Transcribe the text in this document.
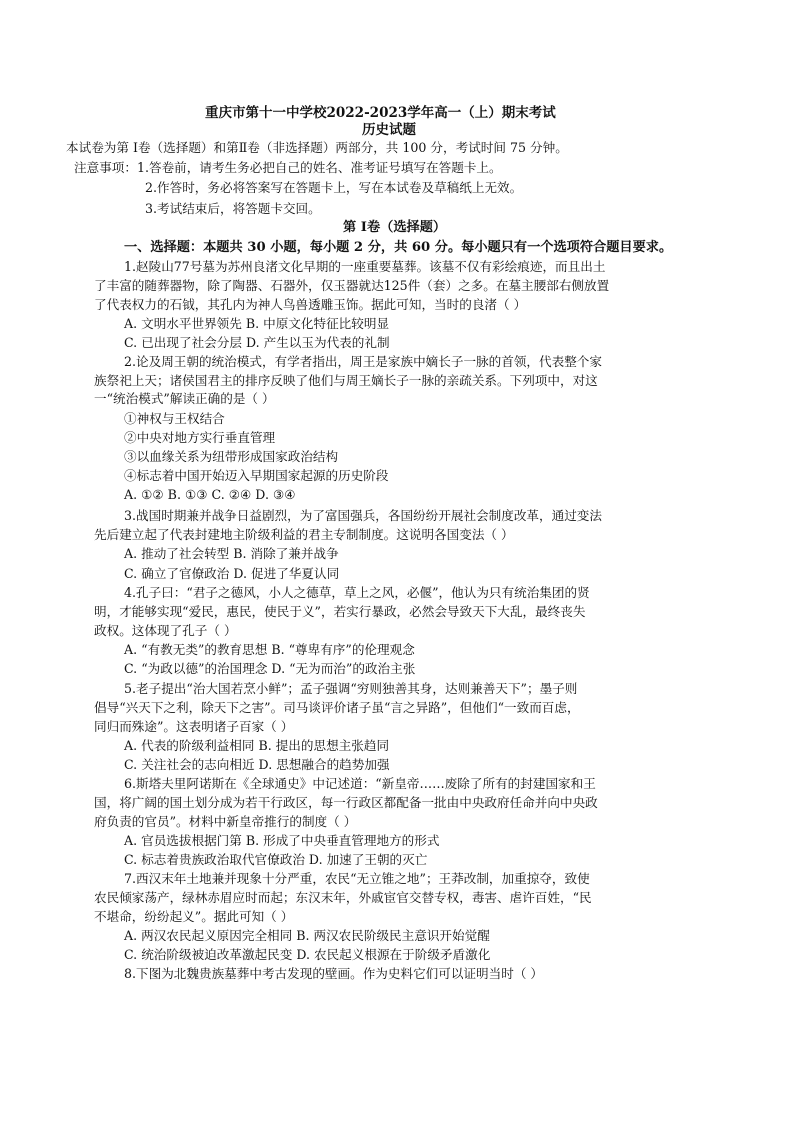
重庆市第十一中学校2022-2023学年高一（上）期末考试
历史试题
本试卷为第 Ⅰ卷（选择题）和第Ⅱ卷（非选择题）两部分，共 100 分，考试时间 75 分钟。
注意事项：1.答卷前，请考生务必把自己的姓名、准考证号填写在答题卡上。
2.作答时，务必将答案写在答题卡上，写在本试卷及草稿纸上无效。
3.考试结束后，将答题卡交回。
第 Ⅰ卷（选择题）
一、选择题：本题共 30 小题，每小题 2 分，共 60 分。每小题只有一个选项符合题目要求。
1.赵陵山77号墓为苏州良渚文化早期的一座重要墓葬。该墓不仅有彩绘痕迹，而且出土
了丰富的随葬器物，除了陶器、石器外，仅玉器就达125件（套）之多。在墓主腰部右侧放置
了代表权力的石钺，其孔内为神人鸟兽透雕玉饰。据此可知，当时的良渚（ ）
A. 文明水平世界领先 B. 中原文化特征比较明显
C. 已出现了社会分层 D. 产生以玉为代表的礼制
2.论及周王朝的统治模式，有学者指出，周王是家族中嫡长子一脉的首领，代表整个家
族祭祀上天；诸侯国君主的排序反映了他们与周王嫡长子一脉的亲疏关系。下列项中，对这
一“统治模式”解读正确的是（ ）
①神权与王权结合
②中央对地方实行垂直管理
③以血缘关系为纽带形成国家政治结构
④标志着中国开始迈入早期国家起源的历史阶段
A. ①② B. ①③ C. ②④ D. ③④
3.战国时期兼并战争日益剧烈，为了富国强兵，各国纷纷开展社会制度改革，通过变法
先后建立起了代表封建地主阶级利益的君主专制制度。这说明各国变法（ ）
A. 推动了社会转型 B. 消除了兼并战争
C. 确立了官僚政治 D. 促进了华夏认同
4.孔子曰：“君子之德风，小人之德草，草上之风，必偃”，他认为只有统治集团的贤
明，才能够实现“爱民，惠民，使民于义”，若实行暴政，必然会导致天下大乱，最终丧失
政权。这体现了孔子（ ）
A. “有教无类”的教育思想 B. “尊卑有序”的伦理观念
C. “为政以德”的治国理念 D. “无为而治”的政治主张
5.老子提出“治大国若烹小鲜”；孟子强调“穷则独善其身，达则兼善天下”；墨子则
倡导“兴天下之利，除天下之害”。司马谈评价诸子虽“言之异路”，但他们“一致而百虑，
同归而殊途”。这表明诸子百家（ ）
A. 代表的阶级利益相同 B. 提出的思想主张趋同
C. 关注社会的志向相近 D. 思想融合的趋势加强
6.斯塔夫里阿诺斯在《全球通史》中记述道：“新皇帝……废除了所有的封建国家和王
国，将广阔的国土划分成为若干行政区，每一行政区都配备一批由中央政府任命并向中央政
府负责的官员”。材料中新皇帝推行的制度（ ）
A. 官员选拔根据门第 B. 形成了中央垂直管理地方的形式
C. 标志着贵族政治取代官僚政治 D. 加速了王朝的灭亡
7.西汉末年土地兼并现象十分严重，农民“无立锥之地”；王莽改制，加重掠夺，致使
农民倾家荡产，绿林赤眉应时而起；东汉末年，外戚宦官交替专权，毒害、虐许百姓，“民
不堪命，纷纷起义”。据此可知（ ）
A. 两汉农民起义原因完全相同 B. 两汉农民阶级民主意识开始觉醒
C. 统治阶级被迫改革激起民变 D. 农民起义根源在于阶级矛盾激化
8.下图为北魏贵族墓葬中考古发现的壁画。作为史料它们可以证明当时（ ）
